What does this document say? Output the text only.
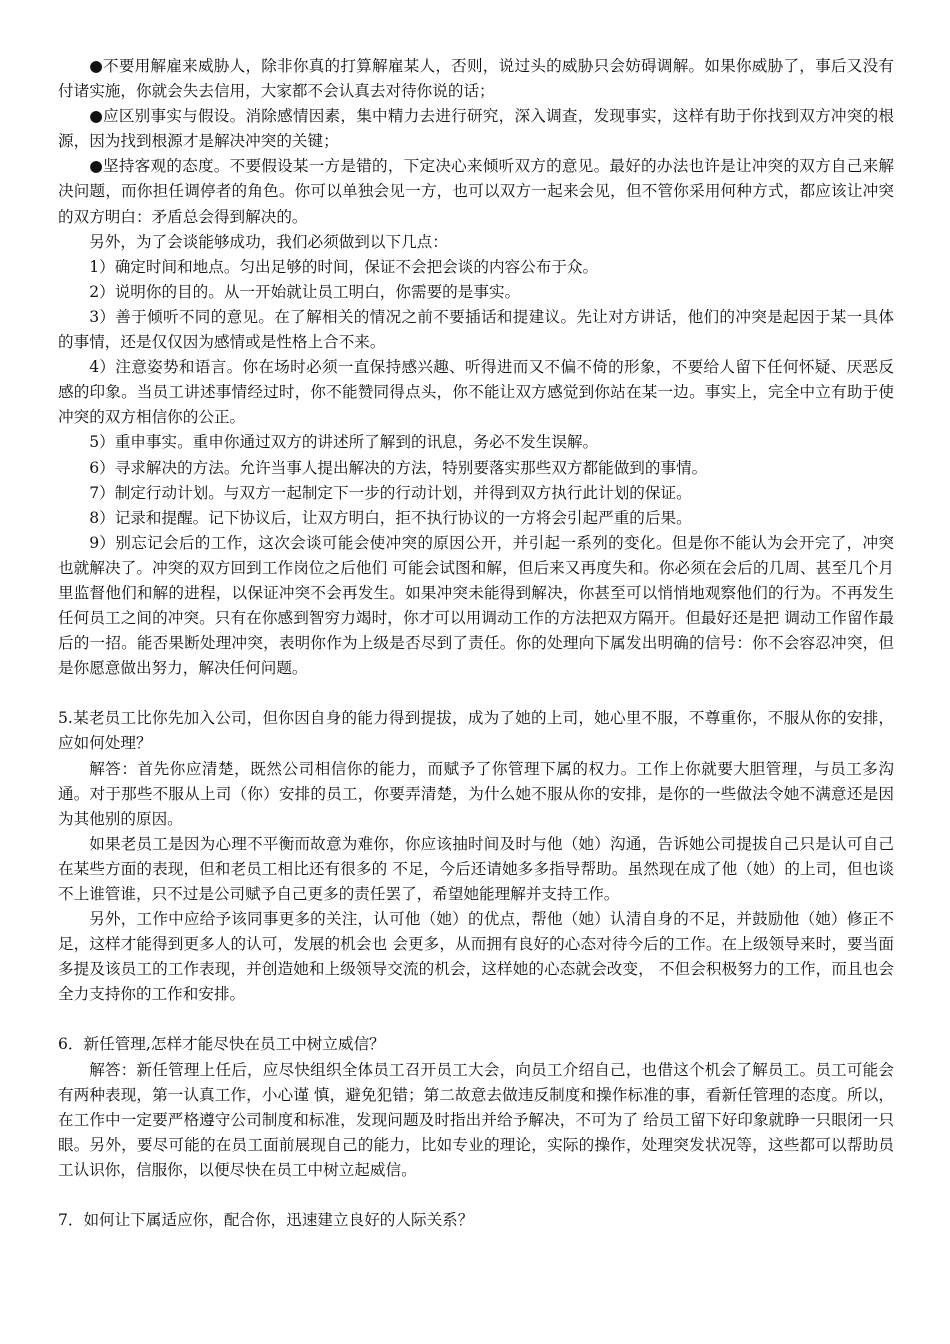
●不要用解雇来威胁人，除非你真的打算解雇某人，否则，说过头的威胁只会妨碍调解。如果你威胁了，事后又没有付诸实施，你就会失去信用，大家都不会认真去对待你说的话；

●应区别事实与假设。消除感情因素，集中精力去进行研究，深入调查，发现事实，这样有助于你找到双方冲突的根源，因为找到根源才是解决冲突的关键；

●坚持客观的态度。不要假设某一方是错的，下定决心来倾听双方的意见。最好的办法也许是让冲突的双方自己来解决问题，而你担任调停者的角色。你可以单独会见一方，也可以双方一起来会见，但不管你采用何种方式，都应该让冲突的双方明白：矛盾总会得到解决的。

另外，为了会谈能够成功，我们必须做到以下几点：

1）确定时间和地点。匀出足够的时间，保证不会把会谈的内容公布于众。

2）说明你的目的。从一开始就让员工明白，你需要的是事实。

3）善于倾听不同的意见。在了解相关的情况之前不要插话和提建议。先让对方讲话，他们的冲突是起因于某一具体的事情，还是仅仅因为感情或是性格上合不来。

4）注意姿势和语言。你在场时必须一直保持感兴趣、听得进而又不偏不倚的形象，不要给人留下任何怀疑、厌恶反感的印象。当员工讲述事情经过时，你不能赞同得点头，你不能让双方感觉到你站在某一边。事实上，完全中立有助于使冲突的双方相信你的公正。

5）重申事实。重申你通过双方的讲述所了解到的讯息，务必不发生误解。

6）寻求解决的方法。允许当事人提出解决的方法，特别要落实那些双方都能做到的事情。

7）制定行动计划。与双方一起制定下一步的行动计划，并得到双方执行此计划的保证。

8）记录和提醒。记下协议后，让双方明白，拒不执行协议的一方将会引起严重的后果。

9）别忘记会后的工作，这次会谈可能会使冲突的原因公开，并引起一系列的变化。但是你不能认为会开完了，冲突也就解决了。冲突的双方回到工作岗位之后他们 可能会试图和解，但后来又再度失和。你必须在会后的几周、甚至几个月里监督他们和解的进程，以保证冲突不会再发生。如果冲突未能得到解决，你甚至可以悄悄地观察他们的行为。不再发生任何员工之间的冲突。只有在你感到智穷力竭时，你才可以用调动工作的方法把双方隔开。但最好还是把 调动工作留作最后的一招。能否果断处理冲突，表明你作为上级是否尽到了责任。你的处理向下属发出明确的信号：你不会容忍冲突，但是你愿意做出努力，解决任何问题。

5.某老员工比你先加入公司，但你因自身的能力得到提拔，成为了她的上司，她心里不服，不尊重你，不服从你的安排，应如何处理？

解答：首先你应清楚，既然公司相信你的能力，而赋予了你管理下属的权力。工作上你就要大胆管理，与员工多沟通。对于那些不服从上司（你）安排的员工，你要弄清楚，为什么她不服从你的安排，是你的一些做法令她不满意还是因为其他别的原因。

如果老员工是因为心理不平衡而故意为难你，你应该抽时间及时与他（她）沟通，告诉她公司提拔自己只是认可自己在某些方面的表现，但和老员工相比还有很多的 不足，今后还请她多多指导帮助。虽然现在成了他（她）的上司，但也谈不上谁管谁，只不过是公司赋予自己更多的责任罢了，希望她能理解并支持工作。

另外，工作中应给予该同事更多的关注，认可他（她）的优点，帮他（她）认清自身的不足，并鼓励他（她）修正不足，这样才能得到更多人的认可，发展的机会也 会更多，从而拥有良好的心态对待今后的工作。在上级领导来时，要当面多提及该员工的工作表现，并创造她和上级领导交流的机会，这样她的心态就会改变， 不但会积极努力的工作，而且也会全力支持你的工作和安排。

6．新任管理,怎样才能尽快在员工中树立威信？

解答：新任管理上任后，应尽快组织全体员工召开员工大会，向员工介绍自己，也借这个机会了解员工。员工可能会有两种表现，第一认真工作，小心谨 慎，避免犯错；第二故意去做违反制度和操作标准的事，看新任管理的态度。所以，在工作中一定要严格遵守公司制度和标准，发现问题及时指出并给予解决，不可为了 给员工留下好印象就睁一只眼闭一只眼。另外，要尽可能的在员工面前展现自己的能力，比如专业的理论，实际的操作，处理突发状况等，这些都可以帮助员工认识你，信服你，以便尽快在员工中树立起威信。

7．如何让下属适应你，配合你，迅速建立良好的人际关系？
